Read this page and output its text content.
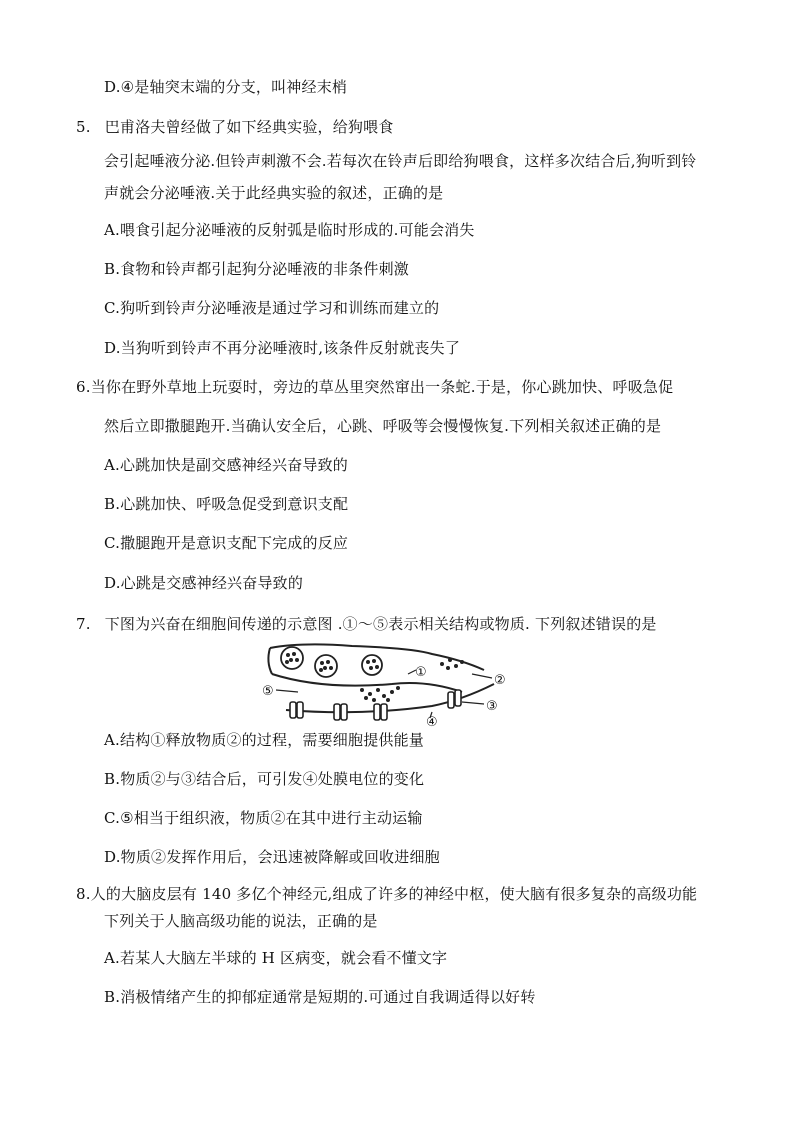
D.④是轴突末端的分支，叫神经末梢
5. 巴甫洛夫曾经做了如下经典实验，给狗喂食
会引起唾液分泌.但铃声刺激不会.若每次在铃声后即给狗喂食，这样多次结合后,狗听到铃
声就会分泌唾液.关于此经典实验的叙述，正确的是
A.喂食引起分泌唾液的反射弧是临时形成的.可能会消失
B.食物和铃声都引起狗分泌唾液的非条件刺激
C.狗听到铃声分泌唾液是通过学习和训练而建立的
D.当狗听到铃声不再分泌唾液时,该条件反射就丧失了
6.当你在野外草地上玩耍时，旁边的草丛里突然窜出一条蛇.于是，你心跳加快、呼吸急促
然后立即撒腿跑开.当确认安全后，心跳、呼吸等会慢慢恢复.下列相关叙述正确的是
A.心跳加快是副交感神经兴奋导致的
B.心跳加快、呼吸急促受到意识支配
C.撒腿跑开是意识支配下完成的反应
D.心跳是交感神经兴奋导致的
7. 下图为兴奋在细胞间传递的示意图 .①〜⑤表示相关结构或物质. 下列叙述错误的是
①
②
③
④
⑤
A.结构①释放物质②的过程，需要细胞提供能量
B.物质②与③结合后，可引发④处膜电位的变化
C.⑤相当于组织液，物质②在其中进行主动运输
D.物质②发挥作用后，会迅速被降解或回收进细胞
8.人的大脑皮层有 140 多亿个神经元,组成了许多的神经中枢，使大脑有很多复杂的高级功能
下列关于人脑高级功能的说法，正确的是
A.若某人大脑左半球的 H 区病变，就会看不懂文字
B.消极情绪产生的抑郁症通常是短期的.可通过自我调适得以好转
